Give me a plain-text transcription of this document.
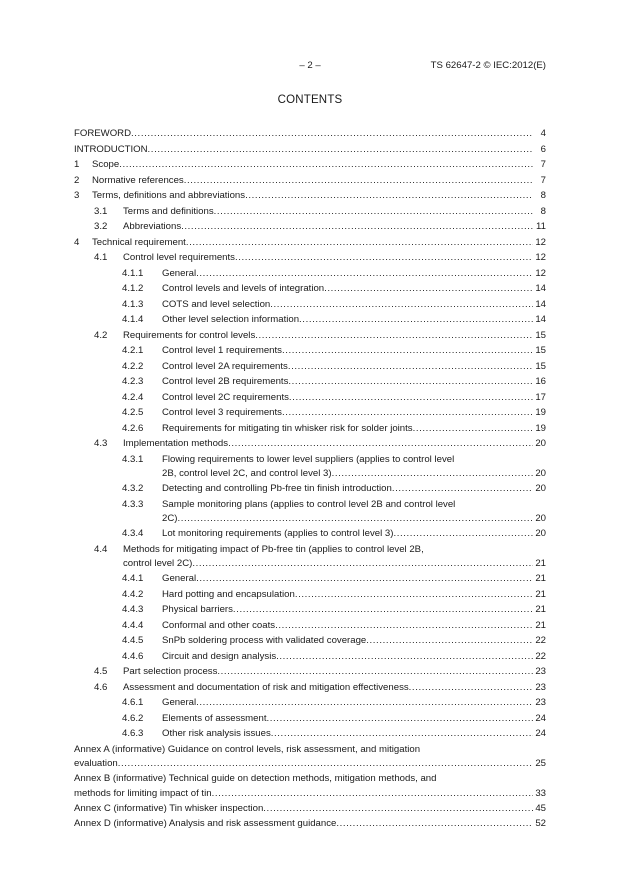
– 2 –	TS 62647-2 © IEC:2012(E)
CONTENTS
FOREWORD .....	4
INTRODUCTION .....	6
1	Scope .....	7
2	Normative references .....	7
3	Terms, definitions and abbreviations .....	8
3.1	Terms and definitions .....	8
3.2	Abbreviations .....	11
4	Technical requirement .....	12
4.1	Control level requirements .....	12
4.1.1	General .....	12
4.1.2	Control levels and levels of integration .....	14
4.1.3	COTS and level selection .....	14
4.1.4	Other level selection information .....	14
4.2	Requirements for control levels .....	15
4.2.1	Control level 1 requirements .....	15
4.2.2	Control level 2A requirements .....	15
4.2.3	Control level 2B requirements .....	16
4.2.4	Control level 2C requirements .....	17
4.2.5	Control level 3 requirements .....	19
4.2.6	Requirements for mitigating tin whisker risk for solder joints .....	19
4.3	Implementation methods .....	20
4.3.1 Flowing requirements to lower level suppliers (applies to control level
2B, control level 2C, and control level 3) .....	20
4.3.2	Detecting and controlling Pb-free tin finish introduction .....	20
4.3.3 Sample monitoring plans (applies to control level 2B and control level
2C) .....	20
4.3.4	Lot monitoring requirements (applies to control level 3) .....	20
4.4 Methods for mitigating impact of Pb-free tin (applies to control level 2B,
control level 2C) .....	21
4.4.1	General .....	21
4.4.2	Hard potting and encapsulation .....	21
4.4.3	Physical barriers .....	21
4.4.4	Conformal and other coats .....	21
4.4.5	SnPb soldering process with validated coverage .....	22
4.4.6	Circuit and design analysis .....	22
4.5	Part selection process .....	23
4.6	Assessment and documentation of risk and mitigation effectiveness .....	23
4.6.1	General .....	23
4.6.2	Elements of assessment .....	24
4.6.3	Other risk analysis issues .....	24
Annex A (informative) Guidance on control levels, risk assessment, and mitigation
evaluation .....	25
Annex B (informative) Technical guide on detection methods, mitigation methods, and
methods for limiting impact of tin .....	33
Annex C (informative) Tin whisker inspection .....	45
Annex D (informative) Analysis and risk assessment guidance .....	52
